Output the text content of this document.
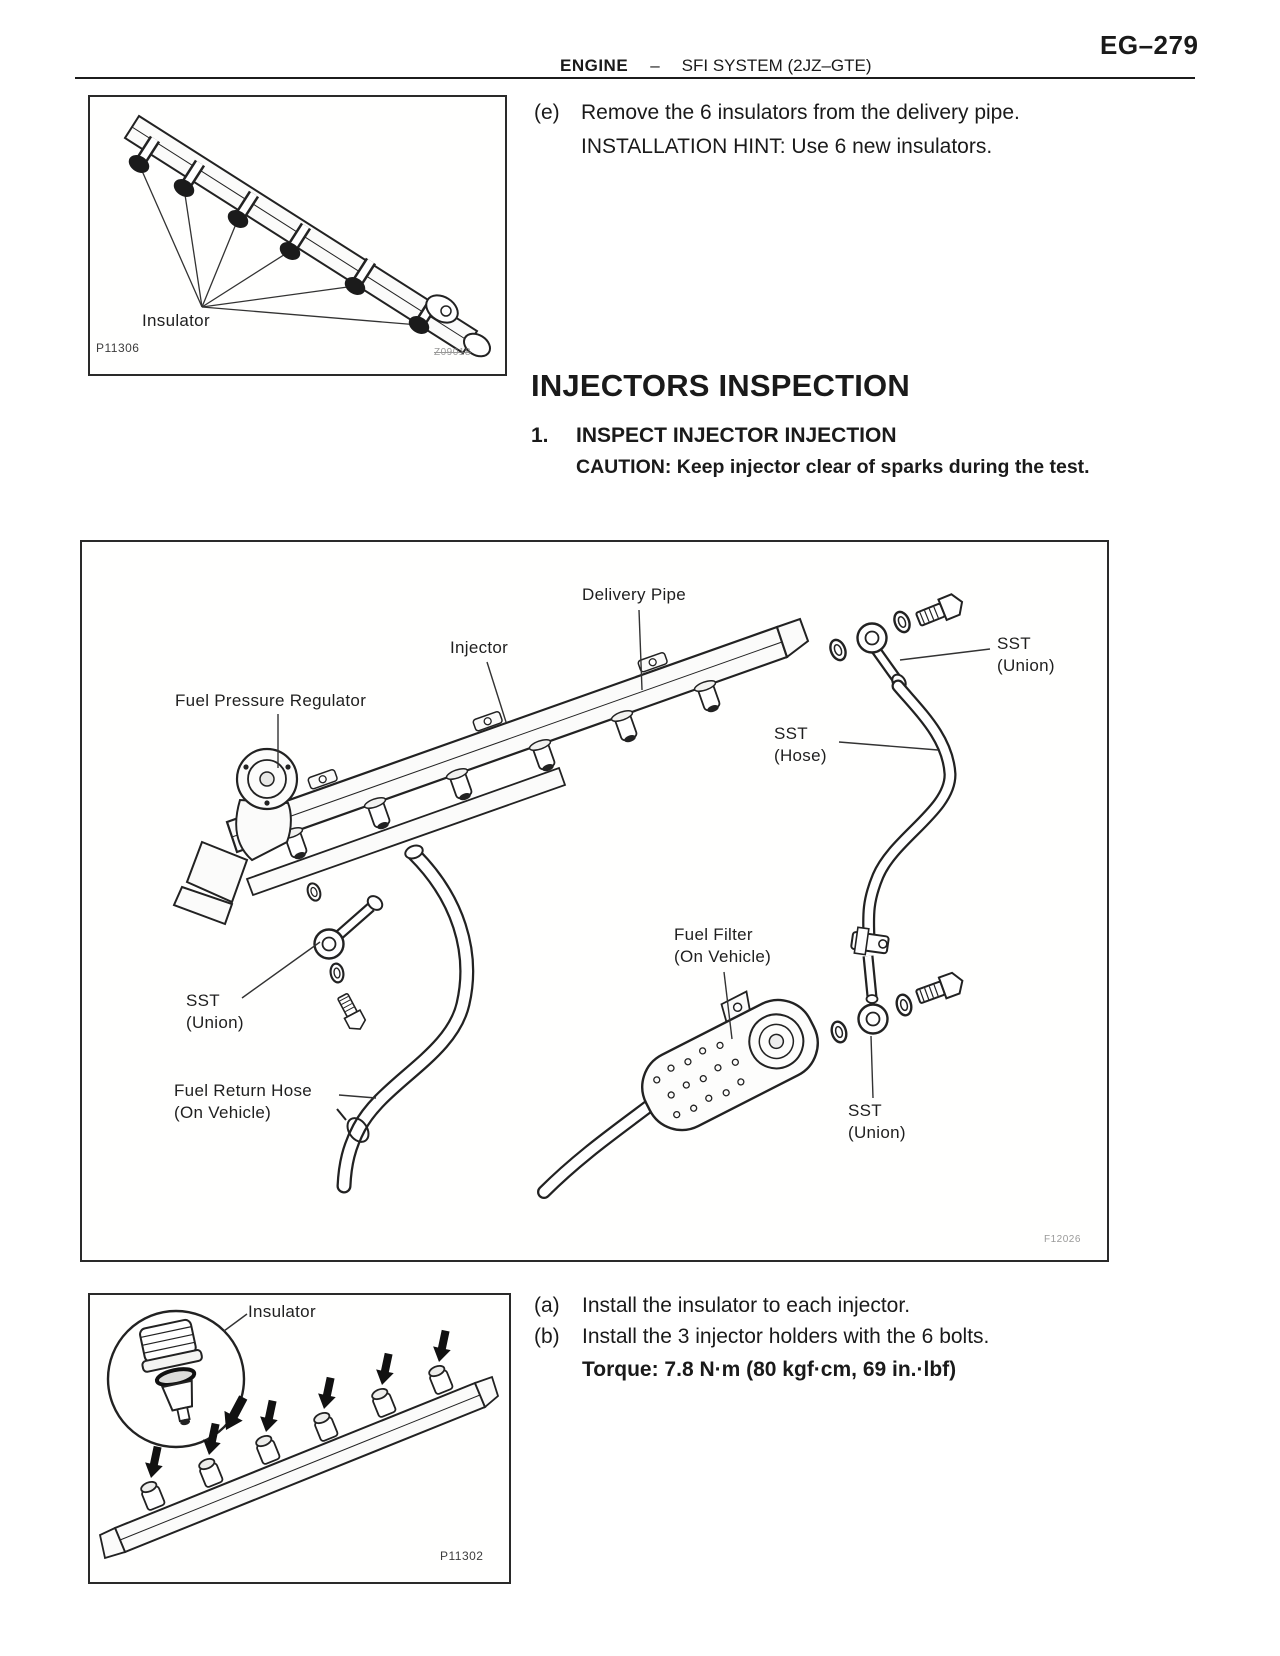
EG–279
ENGINE – SFI SYSTEM (2JZ–GTE)
Insulator
P11306	Z09018
(e)	Remove the 6 insulators from the delivery pipe.
INSTALLATION HINT: Use 6 new insulators.
INJECTORS INSPECTION
1.	INSPECT INJECTOR INJECTION
CAUTION: Keep injector clear of sparks during the test.
Delivery Pipe
Injector
Fuel Pressure Regulator
SST
(Union)
SST
(Hose)
Fuel Filter
(On Vehicle)
SST
(Union)
Fuel Return Hose
(On Vehicle)	SST
(Union)
F12026
Insulator
P11302
(a)	Install the insulator to each injector.
(b)	Install the 3 injector holders with the 6 bolts.
Torque: 7.8 N·m (80 kgf·cm, 69 in.·lbf)
